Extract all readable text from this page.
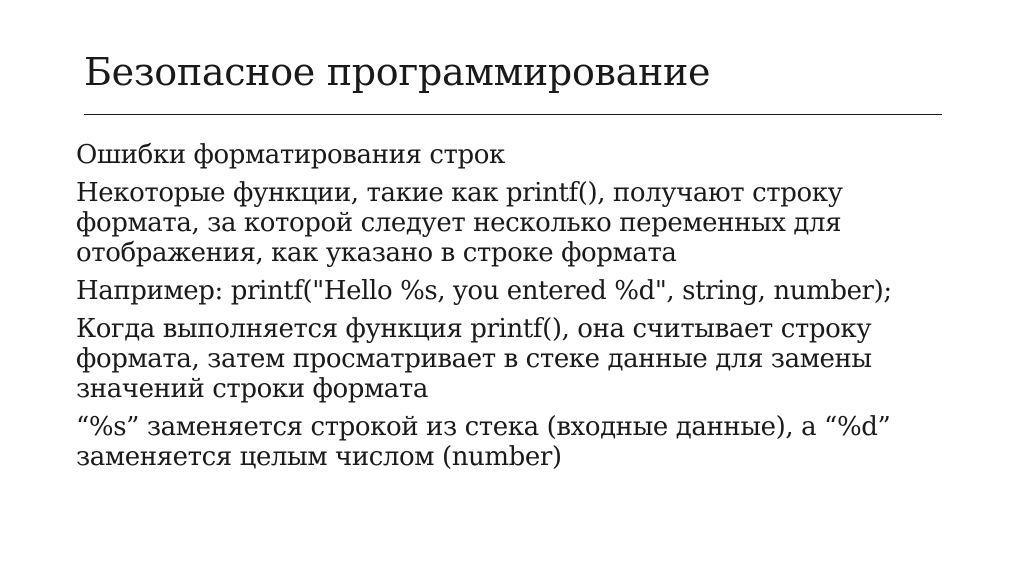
Безопасное программирование

Ошибки форматирования строк

Некоторые функции, такие как printf(), получают строку
формата, за которой следует несколько переменных для
отображения, как указано в строке формата

Например: printf("Hello %s, you entered %d", string, number);

Когда выполняется функция printf(), она считывает строку
формата, затем просматривает в стеке данные для замены
значений строки формата

“%s” заменяется строкой из стека (входные данные), а “%d”
заменяется целым числом (number)
